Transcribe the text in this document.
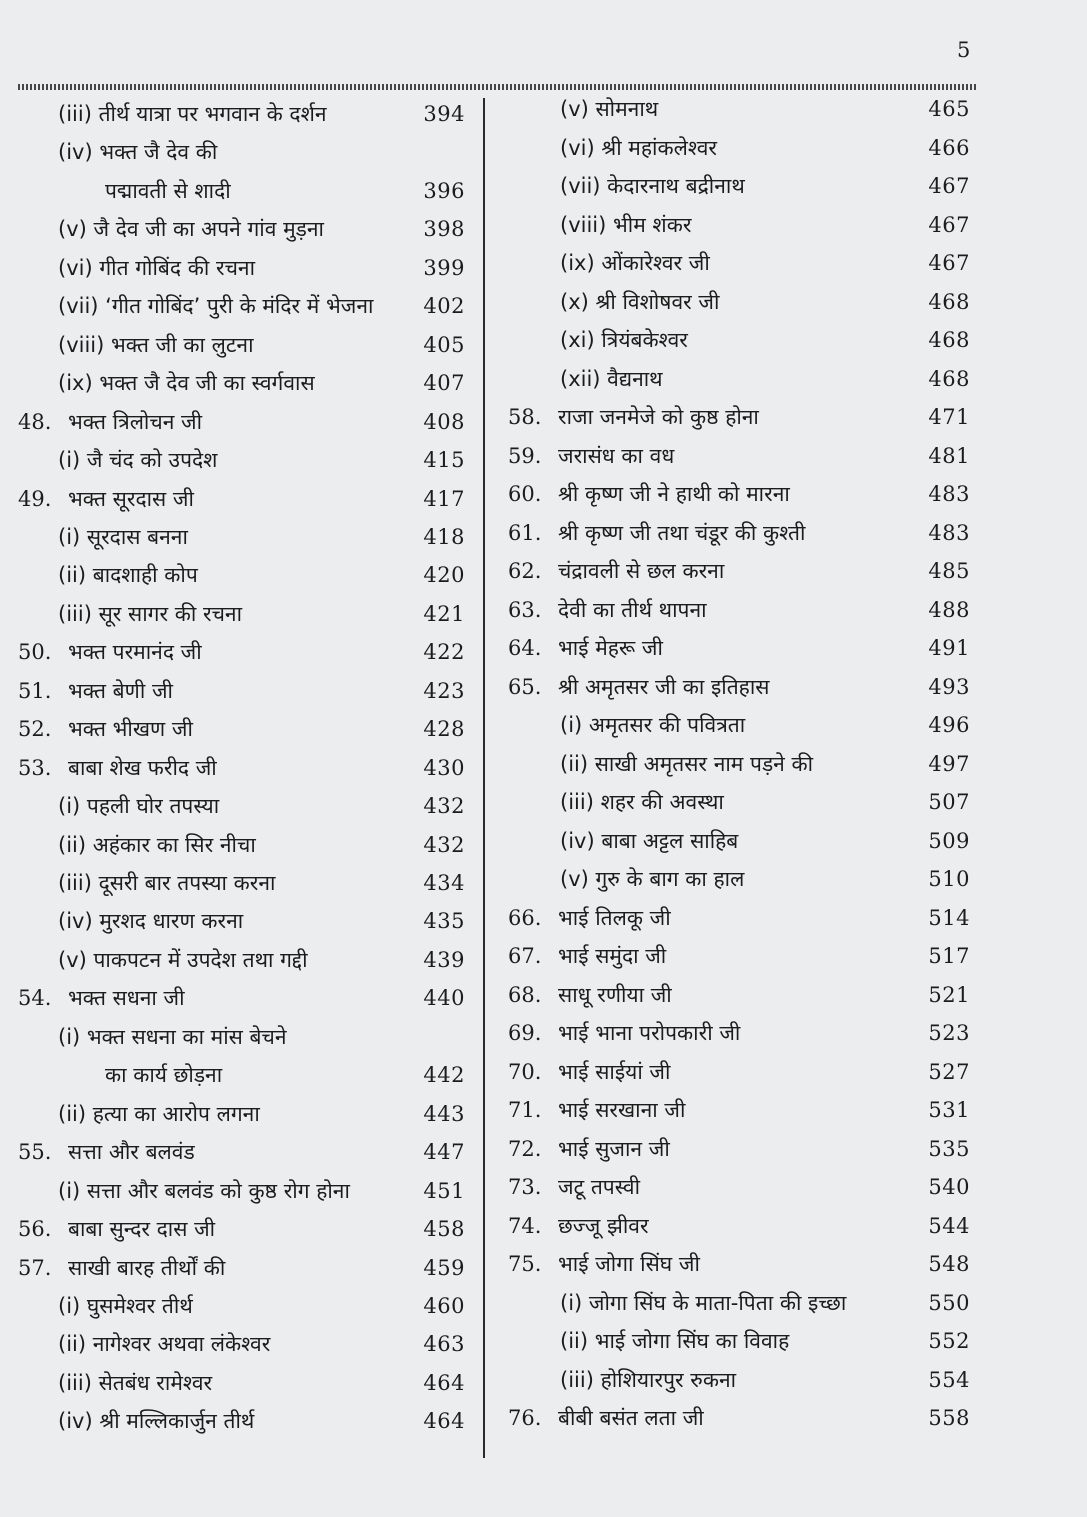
5
(iii) तीर्थ यात्रा पर भगवान के दर्शन	394
(iv) भक्त जै देव की
पद्मावती से शादी	396
(v) जै देव जी का अपने गांव मुड़ना	398
(vi) गीत गोबिंद की रचना	399
(vii) ‘गीत गोबिंद’ पुरी के मंदिर में भेजना 402
(viii) भक्त जी का लुटना	405
(ix) भक्त जै देव जी का स्वर्गवास	407
48. भक्त त्रिलोचन जी	408
(i) जै चंद को उपदेश	415
49. भक्त सूरदास जी	417
(i) सूरदास बनना	418
(ii) बादशाही कोप	420
(iii) सूर सागर की रचना	421
50. भक्त परमानंद जी	422
51. भक्त बेणी जी	423
52. भक्त भीखण जी	428
53. बाबा शेख फरीद जी	430
(i) पहली घोर तपस्या	432
(ii) अहंकार का सिर नीचा	432
(iii) दूसरी बार तपस्या करना	434
(iv) मुरशद धारण करना	435
(v) पाकपटन में उपदेश तथा गद्दी	439
54. भक्त सधना जी	440
(i) भक्त सधना का मांस बेचने
का कार्य छोड़ना	442
(ii) हत्या का आरोप लगना	443
55. सत्ता और बलवंड	447
(i) सत्ता और बलवंड को कुष्ठ रोग होना	451
56. बाबा सुन्दर दास जी	458
57. साखी बारह तीर्थों की	459
(i) घुसमेश्वर तीर्थ	460
(ii) नागेश्वर अथवा लंकेश्वर	463
(iii) सेतबंध रामेश्वर	464
(iv) श्री मल्लिकार्जुन तीर्थ	464
(v) सोमनाथ	465
(vi) श्री महांकलेश्वर	466
(vii) केदारनाथ बद्रीनाथ	467
(viii) भीम शंकर	467
(ix) ओंकारेश्वर जी	467
(x) श्री विशोषवर जी	468
(xi) त्रियंबकेश्वर	468
(xii) वैद्यनाथ	468
58. राजा जनमेजे को कुष्ठ होना	471
59. जरासंध का वध	481
60. श्री कृष्ण जी ने हाथी को मारना	483
61. श्री कृष्ण जी तथा चंडूर की कुश्ती	483
62. चंद्रावली से छल करना	485
63. देवी का तीर्थ थापना	488
64. भाई मेहरू जी	491
65. श्री अमृतसर जी का इतिहास	493
(i) अमृतसर की पवित्रता	496
(ii) साखी अमृतसर नाम पड़ने की	497
(iii) शहर की अवस्था	507
(iv) बाबा अट्टल साहिब	509
(v) गुरु के बाग का हाल	510
66. भाई तिलकू जी	514
67. भाई समुंदा जी	517
68. साधू रणीया जी	521
69. भाई भाना परोपकारी जी	523
70. भाई साईयां जी	527
71. भाई सरखाना जी	531
72. भाई सुजान जी	535
73. जटू तपस्वी	540
74. छज्जू झीवर	544
75. भाई जोगा सिंघ जी	548
(i) जोगा सिंघ के माता-पिता की इच्छा	550
(ii) भाई जोगा सिंघ का विवाह	552
(iii) होशियारपुर रुकना	554
76. बीबी बसंत लता जी	558
